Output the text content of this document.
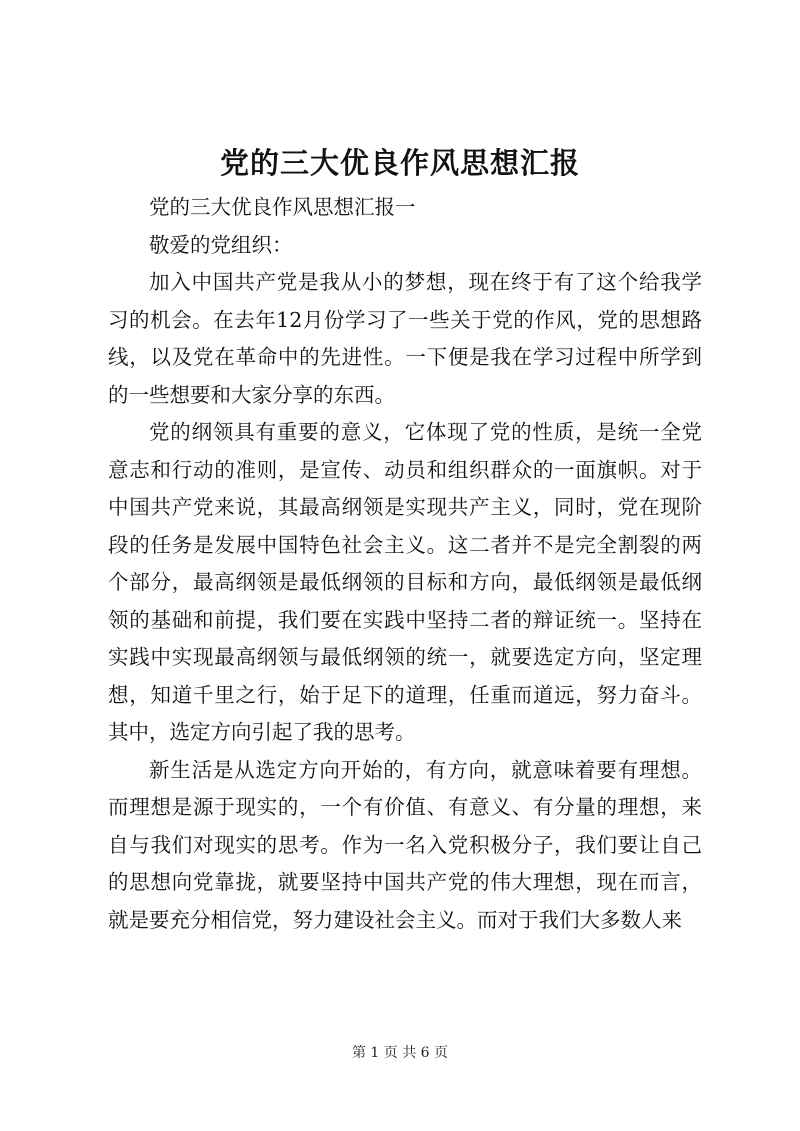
党的三大优良作风思想汇报

党的三大优良作风思想汇报一

敬爱的党组织：

加入中国共产党是我从小的梦想，现在终于有了这个给我学习的机会。在去年12月份学习了一些关于党的作风，党的思想路线，以及党在革命中的先进性。一下便是我在学习过程中所学到的一些想要和大家分享的东西。

党的纲领具有重要的意义，它体现了党的性质，是统一全党意志和行动的准则，是宣传、动员和组织群众的一面旗帜。对于中国共产党来说，其最高纲领是实现共产主义，同时，党在现阶段的任务是发展中国特色社会主义。这二者并不是完全割裂的两个部分，最高纲领是最低纲领的目标和方向，最低纲领是最低纲领的基础和前提，我们要在实践中坚持二者的辩证统一。坚持在实践中实现最高纲领与最低纲领的统一，就要选定方向，坚定理想，知道千里之行，始于足下的道理，任重而道远，努力奋斗。其中，选定方向引起了我的思考。

新生活是从选定方向开始的，有方向，就意味着要有理想。而理想是源于现实的，一个有价值、有意义、有分量的理想，来自与我们对现实的思考。作为一名入党积极分子，我们要让自己的思想向党靠拢，就要坚持中国共产党的伟大理想，现在而言，就是要充分相信党，努力建设社会主义。而对于我们大多数人来

第 1 页 共 6 页
